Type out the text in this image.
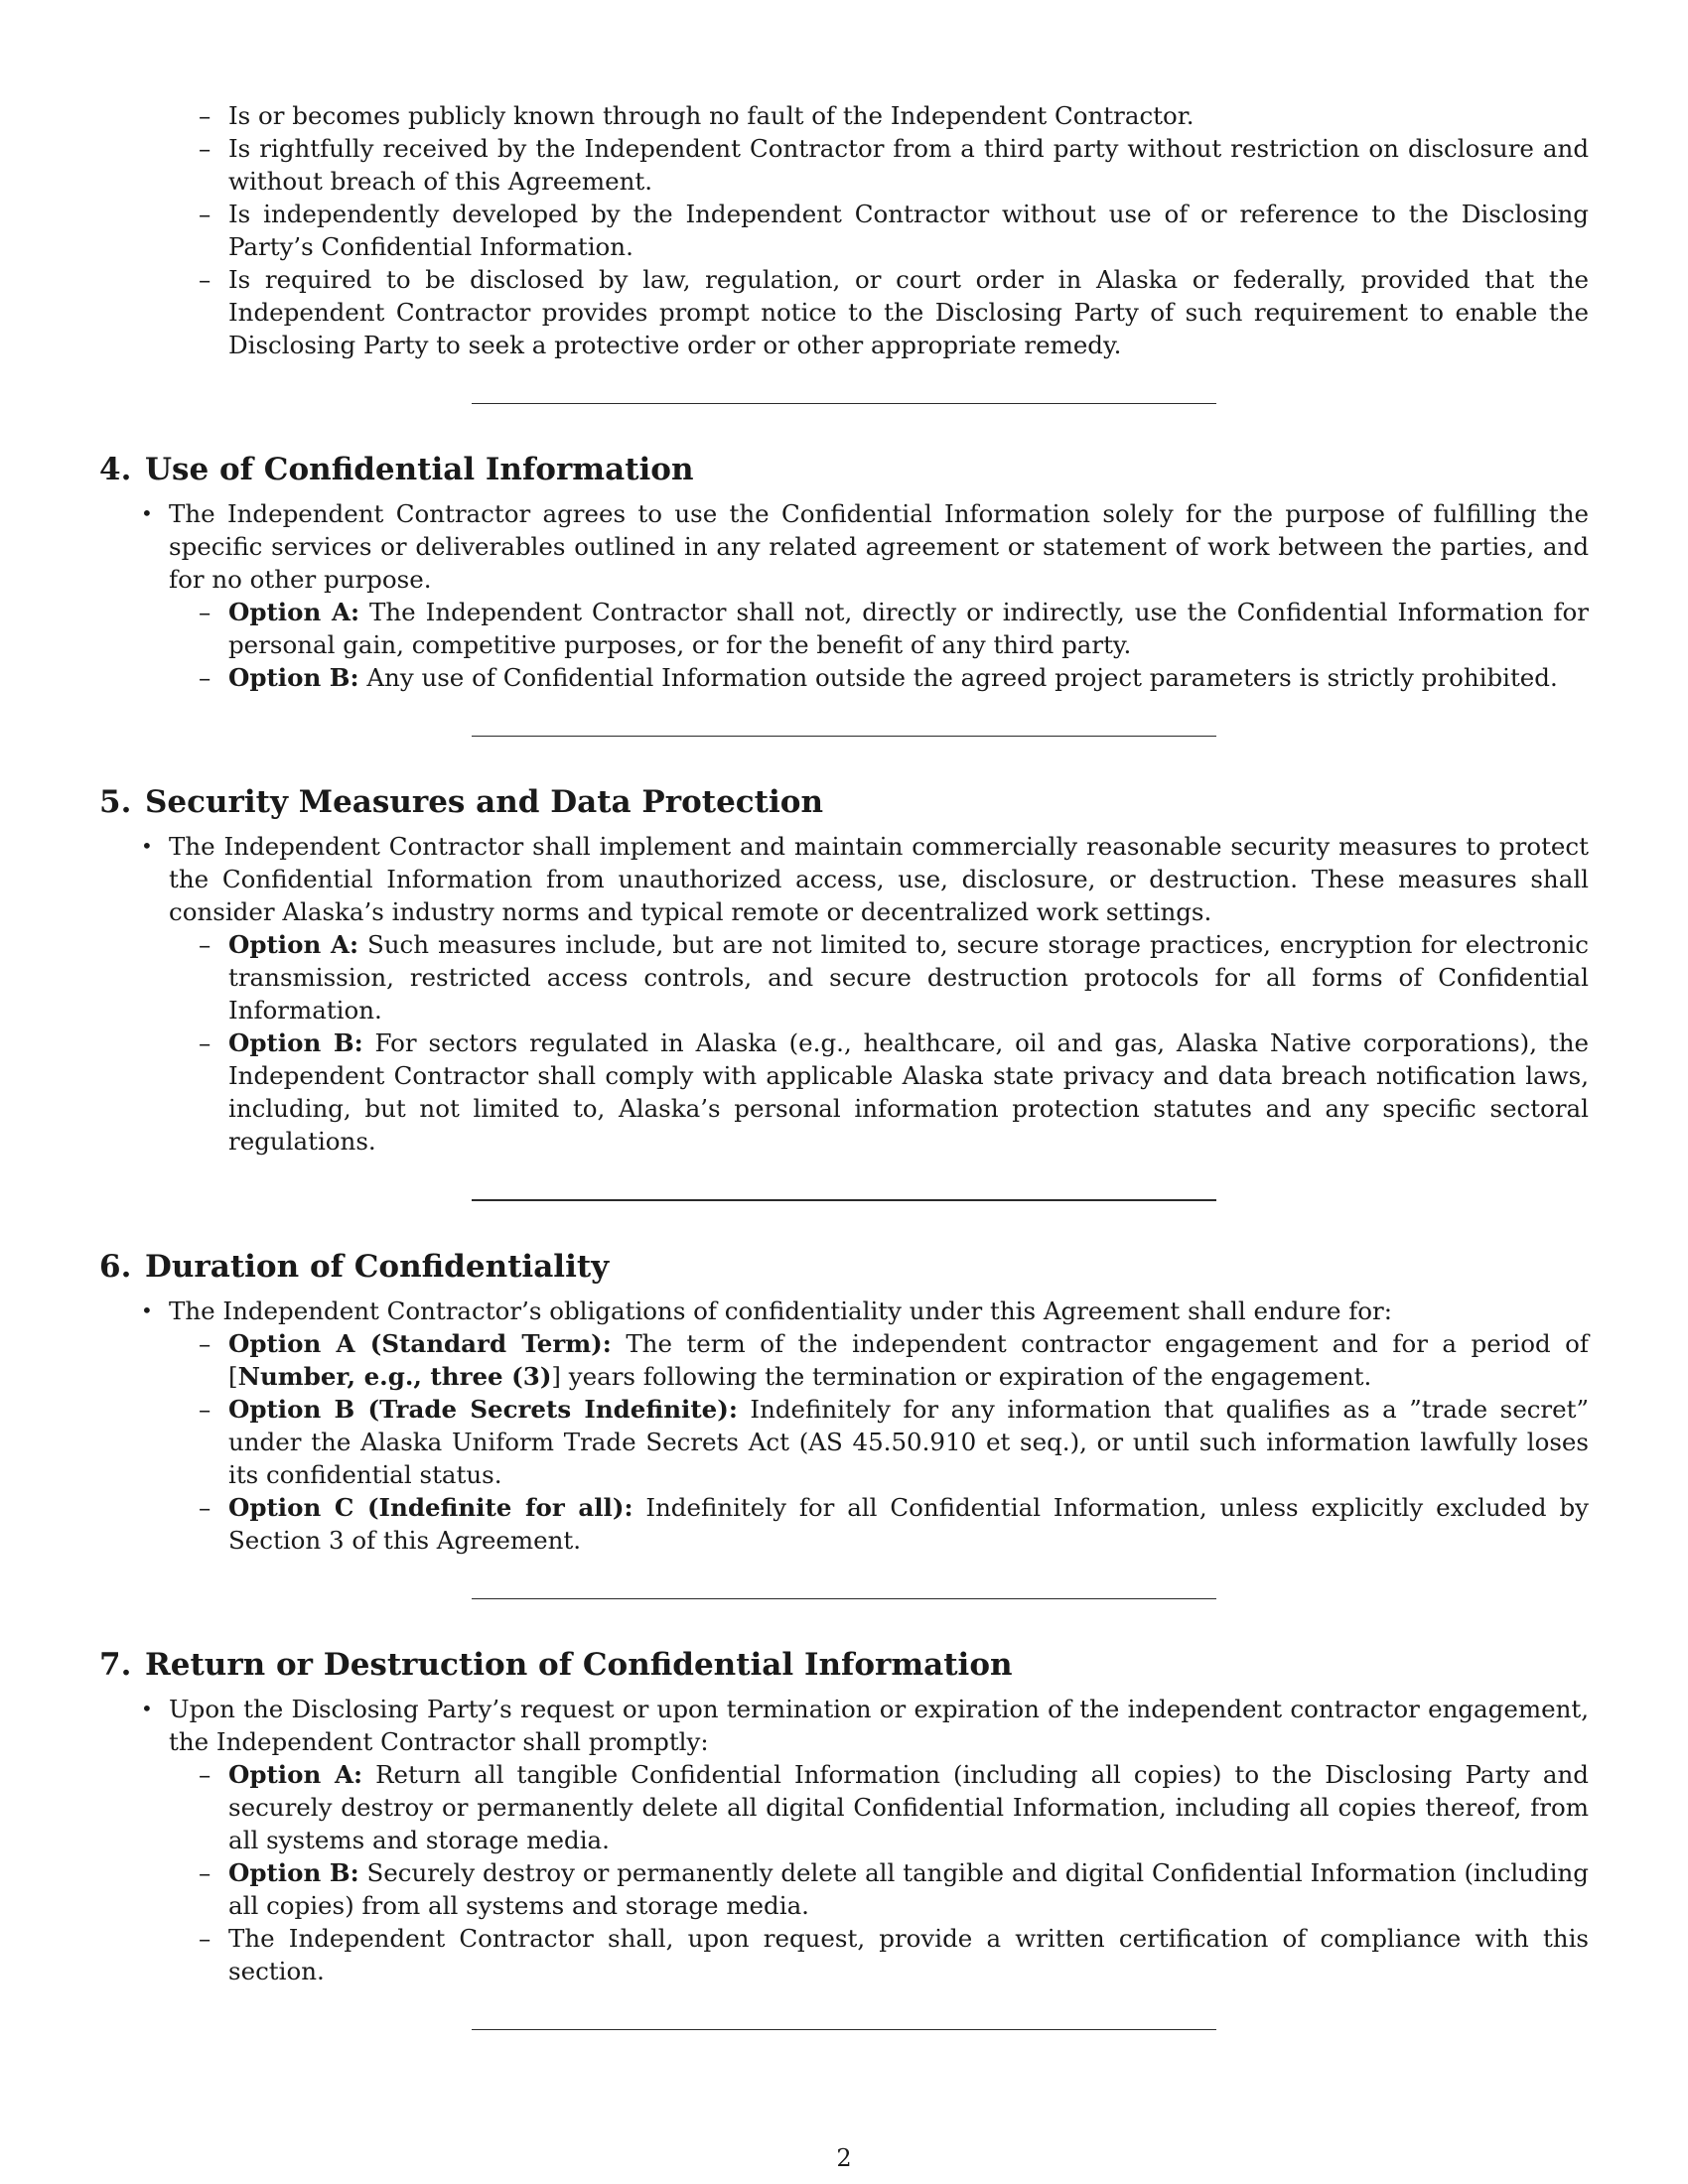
– Is or becomes publicly known through no fault of the Independent Contractor.
– Is rightfully received by the Independent Contractor from a third party without restriction on disclosure and without breach of this Agreement.
– Is independently developed by the Independent Contractor without use of or reference to the Disclosing Party’s Confidential Information.
– Is required to be disclosed by law, regulation, or court order in Alaska or federally, provided that the Independent Contractor provides prompt notice to the Disclosing Party of such requirement to enable the Disclosing Party to seek a protective order or other appropriate remedy.
4. Use of Confidential Information
• The Independent Contractor agrees to use the Confidential Information solely for the purpose of fulfilling the specific services or deliverables outlined in any related agreement or statement of work between the parties, and for no other purpose.
– Option A: The Independent Contractor shall not, directly or indirectly, use the Confidential Information for personal gain, competitive purposes, or for the benefit of any third party.
– Option B: Any use of Confidential Information outside the agreed project parameters is strictly prohibited.
5. Security Measures and Data Protection
• The Independent Contractor shall implement and maintain commercially reasonable security measures to protect the Confidential Information from unauthorized access, use, disclosure, or destruction. These measures shall consider Alaska’s industry norms and typical remote or decentralized work settings.
– Option A: Such measures include, but are not limited to, secure storage practices, encryption for electronic transmission, restricted access controls, and secure destruction protocols for all forms of Confidential Information.
– Option B: For sectors regulated in Alaska (e.g., healthcare, oil and gas, Alaska Native corporations), the Independent Contractor shall comply with applicable Alaska state privacy and data breach notification laws, including, but not limited to, Alaska’s personal information protection statutes and any specific sectoral regulations.
6. Duration of Confidentiality
• The Independent Contractor’s obligations of confidentiality under this Agreement shall endure for:
– Option A (Standard Term): The term of the independent contractor engagement and for a period of [Number, e.g., three (3)] years following the termination or expiration of the engagement.
– Option B (Trade Secrets Indefinite): Indefinitely for any information that qualifies as a ”trade secret” under the Alaska Uniform Trade Secrets Act (AS 45.50.910 et seq.), or until such information lawfully loses its confidential status.
– Option C (Indefinite for all): Indefinitely for all Confidential Information, unless explicitly excluded by Section 3 of this Agreement.
7. Return or Destruction of Confidential Information
• Upon the Disclosing Party’s request or upon termination or expiration of the independent contractor engagement, the Independent Contractor shall promptly:
– Option A: Return all tangible Confidential Information (including all copies) to the Disclosing Party and securely destroy or permanently delete all digital Confidential Information, including all copies thereof, from all systems and storage media.
– Option B: Securely destroy or permanently delete all tangible and digital Confidential Information (including all copies) from all systems and storage media.
– The Independent Contractor shall, upon request, provide a written certification of compliance with this section.
2
